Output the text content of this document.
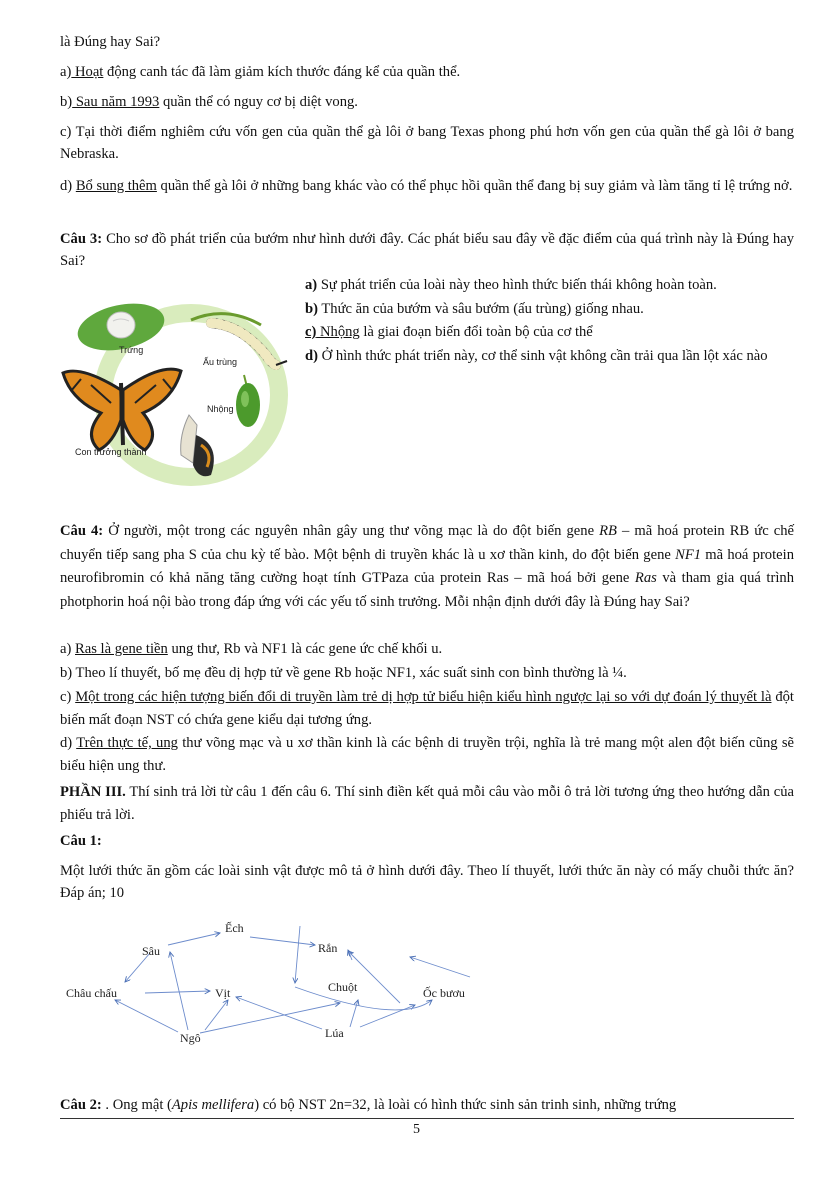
là Đúng hay Sai?

a) Hoạt động canh tác đã làm giảm kích thước đáng kể của quần thể.

b) Sau năm 1993 quần thể có nguy cơ bị diệt vong.

c) Tại thời điểm nghiêm cứu vốn gen của quần thể gà lôi ở bang Texas phong phú hơn vốn gen của quần thể gà lôi ở bang Nebraska.

d) Bổ sung thêm quần thể gà lôi ở những bang khác vào có thể phục hồi quần thể đang bị suy giảm và làm tăng tỉ lệ trứng nở.

Câu 3: Cho sơ đồ phát triển của bướm như hình dưới đây. Các phát biểu sau đây về đặc điểm của quá trình này là Đúng hay Sai?

Trứng
Ấu trùng
Nhộng
Con trưởng thành

a) Sự phát triển của loài này theo hình thức biến thái không hoàn toàn.

b) Thức ăn của bướm và sâu bướm (ấu trùng) giống nhau.

c) Nhộng là giai đoạn biến đổi toàn bộ của cơ thể

d) Ở hình thức phát triển này, cơ thể sinh vật không cần trải qua lần lột xác nào

Câu 4: Ở người, một trong các nguyên nhân gây ung thư võng mạc là do đột biến gene RB – mã hoá protein RB ức chế chuyển tiếp sang pha S của chu kỳ tế bào. Một bệnh di truyền khác là u xơ thần kinh, do đột biến gene NF1 mã hoá protein neurofibromin có khả năng tăng cường hoạt tính GTPaza của protein Ras – mã hoá bởi gene Ras và tham gia quá trình photphorin hoá nội bào trong đáp ứng với các yếu tố sinh trưởng. Mỗi nhận định dưới đây là Đúng hay Sai?

a) Ras là gene tiền ung thư, Rb và NF1 là các gene ức chế khối u.

b) Theo lí thuyết, bố mẹ đều dị hợp tử về gene Rb hoặc NF1, xác suất sinh con bình thường là ¼.

c) Một trong các hiện tượng biến đổi di truyền làm trẻ dị hợp tử biểu hiện kiểu hình ngược lại so với dự đoán lý thuyết là đột biến mất đoạn NST có chứa gene kiểu dại tương ứng.

d) Trên thực tế, ung thư võng mạc và u xơ thần kinh là các bệnh di truyền trội, nghĩa là trẻ mang một alen đột biến cũng sẽ biểu hiện ung thư.

PHẦN III. Thí sinh trả lời từ câu 1 đến câu 6. Thí sinh điền kết quả mỗi câu vào mỗi ô trả lời tương ứng theo hướng dẫn của phiếu trả lời.

Câu 1:

Một lưới thức ăn gồm các loài sinh vật được mô tả ở hình dưới đây. Theo lí thuyết, lưới thức ăn này có mấy chuỗi thức ăn? Đáp án; 10

Ếch
Sâu	Rắn
Châu chấu	Vịt	Chuột	Ốc bươu
Ngô	Lúa

Câu 2: . Ong mật (Apis mellifera) có bộ NST 2n=32, là loài có hình thức sinh sản trinh sinh, những trứng

5
